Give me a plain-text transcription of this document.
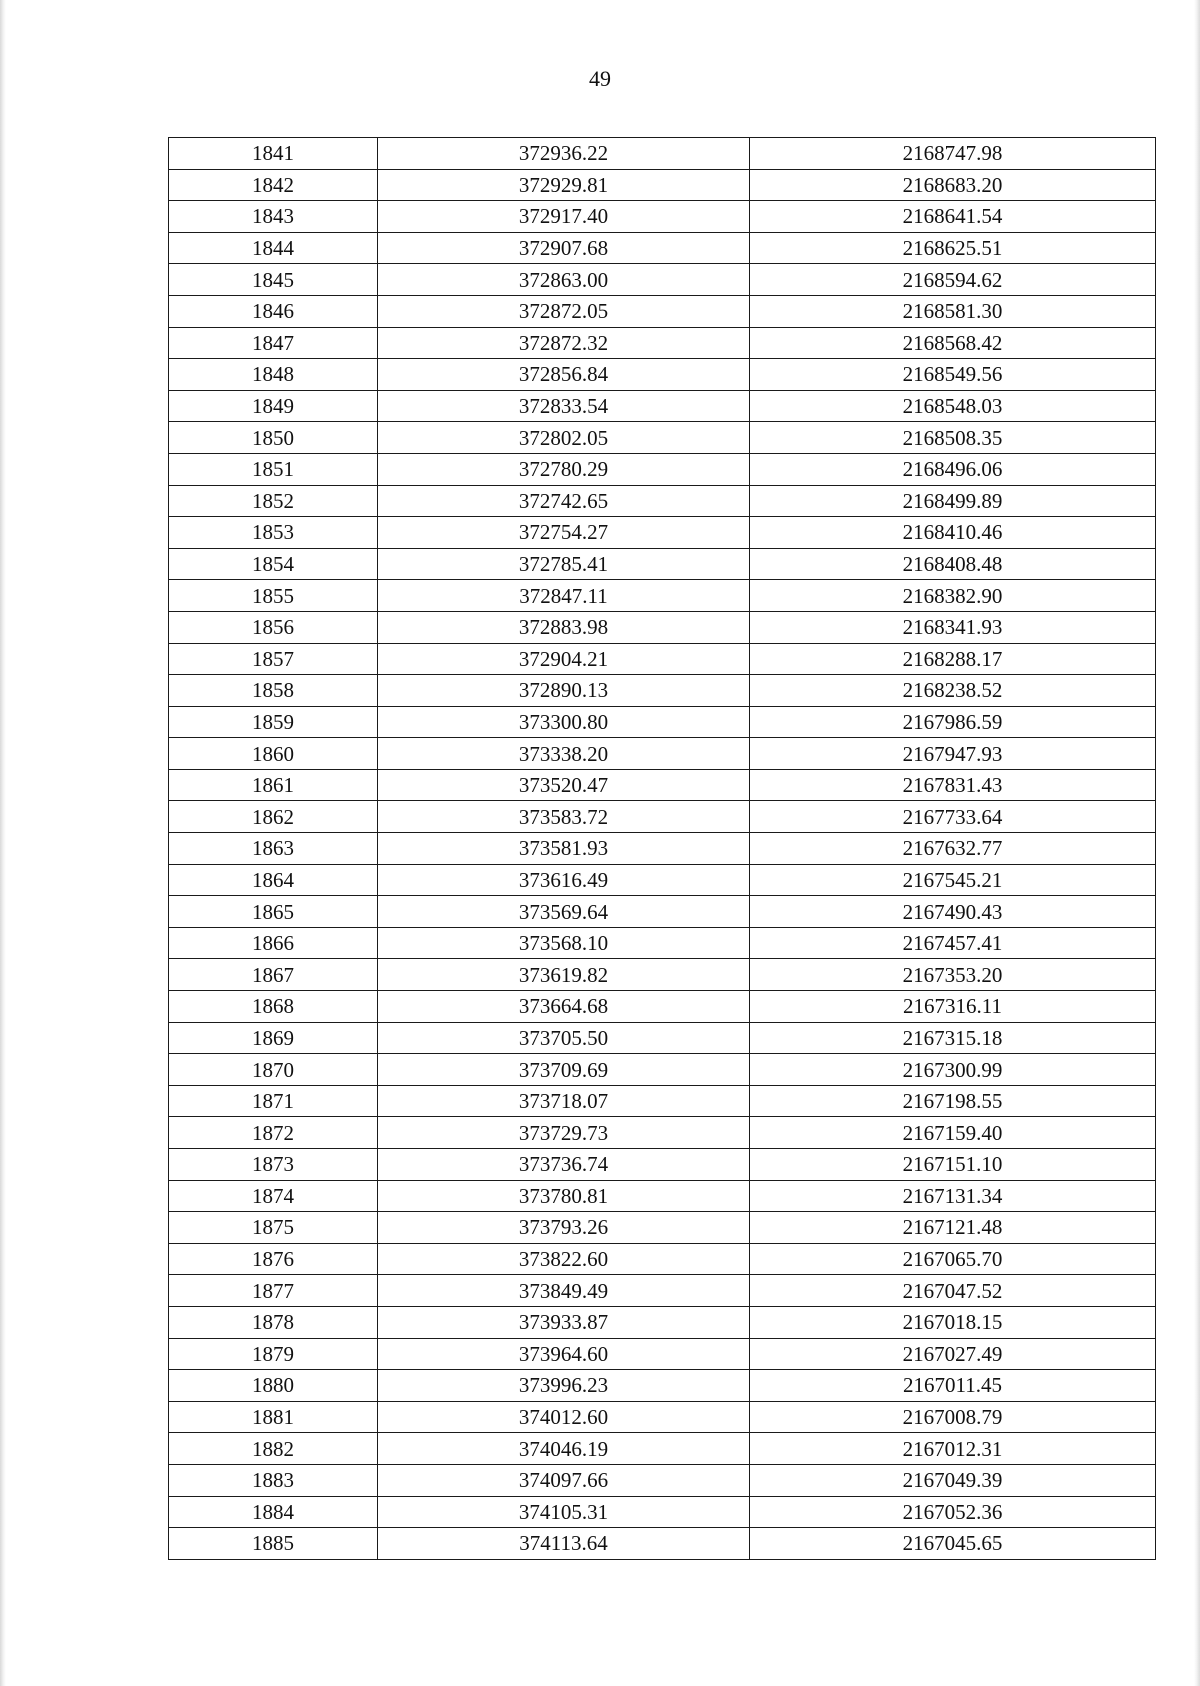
49
1841	372936.22	2168747.98
1842	372929.81	2168683.20
1843	372917.40	2168641.54
1844	372907.68	2168625.51
1845	372863.00	2168594.62
1846	372872.05	2168581.30
1847	372872.32	2168568.42
1848	372856.84	2168549.56
1849	372833.54	2168548.03
1850	372802.05	2168508.35
1851	372780.29	2168496.06
1852	372742.65	2168499.89
1853	372754.27	2168410.46
1854	372785.41	2168408.48
1855	372847.11	2168382.90
1856	372883.98	2168341.93
1857	372904.21	2168288.17
1858	372890.13	2168238.52
1859	373300.80	2167986.59
1860	373338.20	2167947.93
1861	373520.47	2167831.43
1862	373583.72	2167733.64
1863	373581.93	2167632.77
1864	373616.49	2167545.21
1865	373569.64	2167490.43
1866	373568.10	2167457.41
1867	373619.82	2167353.20
1868	373664.68	2167316.11
1869	373705.50	2167315.18
1870	373709.69	2167300.99
1871	373718.07	2167198.55
1872	373729.73	2167159.40
1873	373736.74	2167151.10
1874	373780.81	2167131.34
1875	373793.26	2167121.48
1876	373822.60	2167065.70
1877	373849.49	2167047.52
1878	373933.87	2167018.15
1879	373964.60	2167027.49
1880	373996.23	2167011.45
1881	374012.60	2167008.79
1882	374046.19	2167012.31
1883	374097.66	2167049.39
1884	374105.31	2167052.36
1885	374113.64	2167045.65
